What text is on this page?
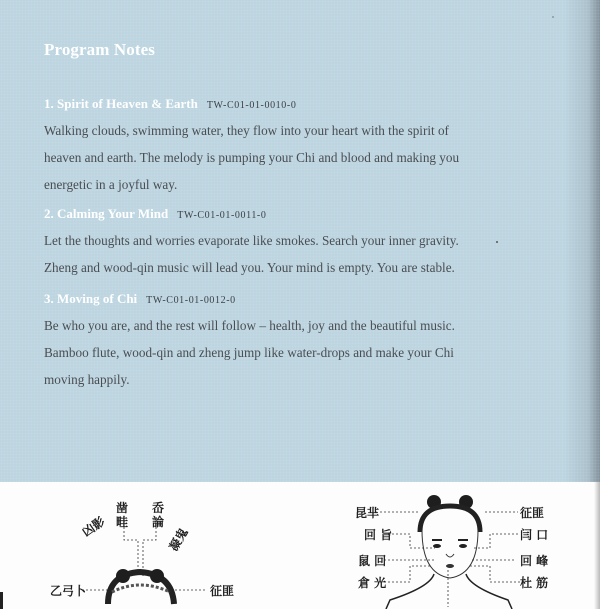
Program Notes
1. Spirit of Heaven & Earth TW-C01-01-0010-0
Walking clouds, swimming water, they flow into your heart with the spirit of
heaven and earth. The melody is pumping your Chi and blood and making you
energetic in a joyful way.
2. Calming Your Mind TW-C01-01-0011-0
Let the thoughts and worries evaporate like smokes. Search your inner gravity.
Zheng and wood-qin music will lead you. Your mind is empty. You are stable.
3. Moving of Chi TW-C01-01-0012-0
Be who you are, and the rest will follow – health, joy and the beautiful music.
Bamboo flute, wood-qin and zheng jump like water-drops and make your Chi
moving happily.
乙弓卜	征匪
凿
畦
岙
論
凶影	凝鬼
昆芈
回 旨
鼠 回
倉 光
征匪
闫 口
回 峰
杜 筋
